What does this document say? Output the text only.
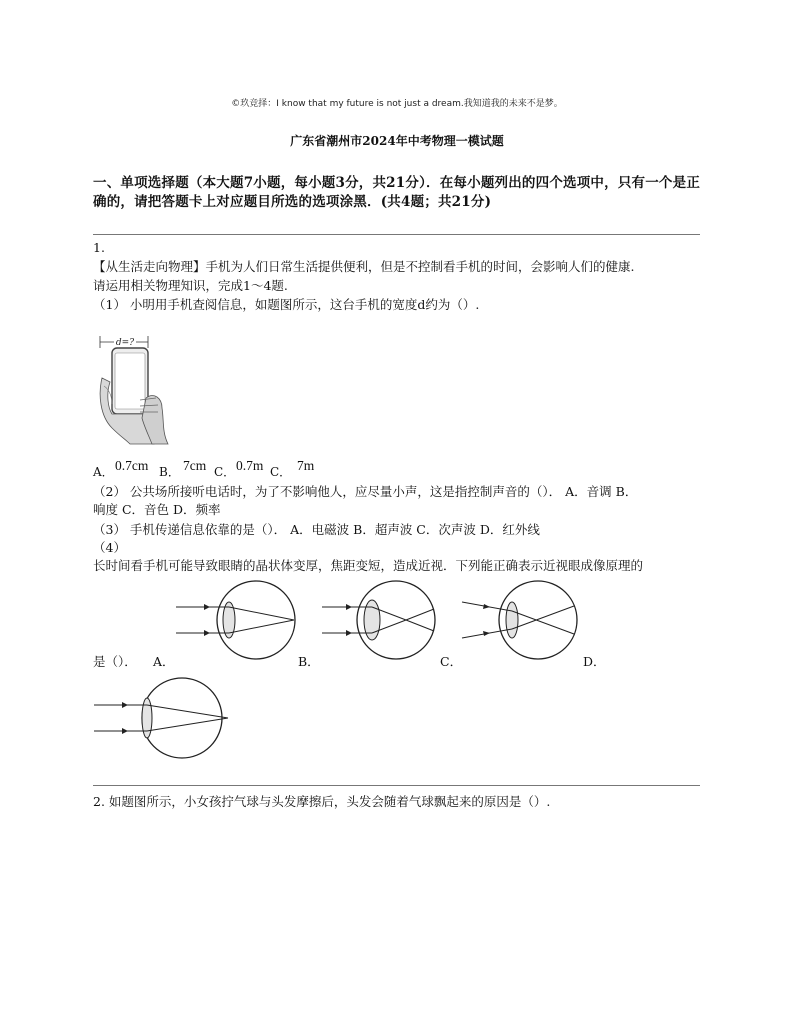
©玖竞择：I know that my future is not just a dream.我知道我的未来不是梦。
广东省潮州市2024年中考物理一模试题
一、单项选择题（本大题7小题，每小题3分，共21分）．在每小题列出的四个选项中，只有一个是正
确的，请把答题卡上对应题目所选的选项涂黑．(共4题；共21分)
1.
【从生活走向物理】手机为人们日常生活提供便利，但是不控制看手机的时间，会影响人们的健康.
请运用相关物理知识，完成1～4题.
（1） 小明用手机查阅信息，如题图所示，这台手机的宽度d约为（）.
d=?
A． 0.7cm B． 7cm C． 0.7m C． 7m
（2） 公共场所接听电话时，为了不影响他人，应尽量小声，这是指控制声音的（）． A．音调 B．
响度 C．音色 D．频率
（3） 手机传递信息依靠的是（）． A．电磁波 B．超声波 C．次声波 D．红外线
（4）
长时间看手机可能导致眼睛的晶状体变厚，焦距变短，造成近视．下列能正确表示近视眼成像原理的
是（）． A．	B．	C．	D．
2. 如题图所示，小女孩拧气球与头发摩擦后，头发会随着气球飘起来的原因是（）.
